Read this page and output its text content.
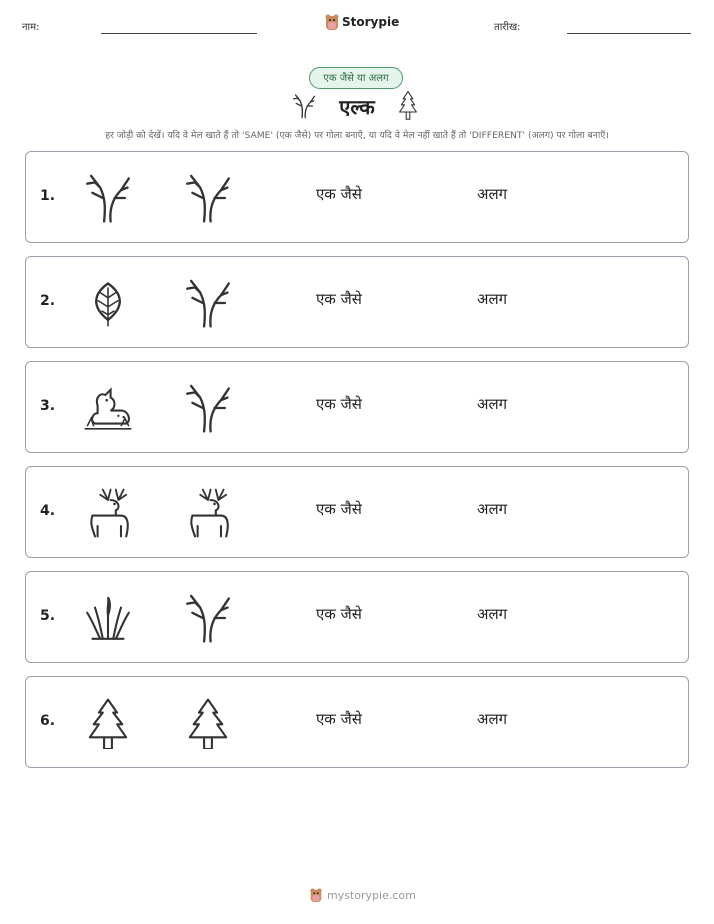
नाम:	Storypie	तारीख:
एक जैसे या अलग
एल्क
हर जोड़ी को देखें। यदि वे मेल खाते हैं तो 'SAME' (एक जैसे) पर गोला बनाएँ, या यदि वे मेल नहीं खाते हैं तो 'DIFFERENT' (अलग) पर गोला बनाएँ।
1.	एक जैसे	अलग
2.	एक जैसे	अलग
3.	एक जैसे	अलग
4.	एक जैसे	अलग
5.	एक जैसे	अलग
6.	एक जैसे	अलग
mystorypie.com
